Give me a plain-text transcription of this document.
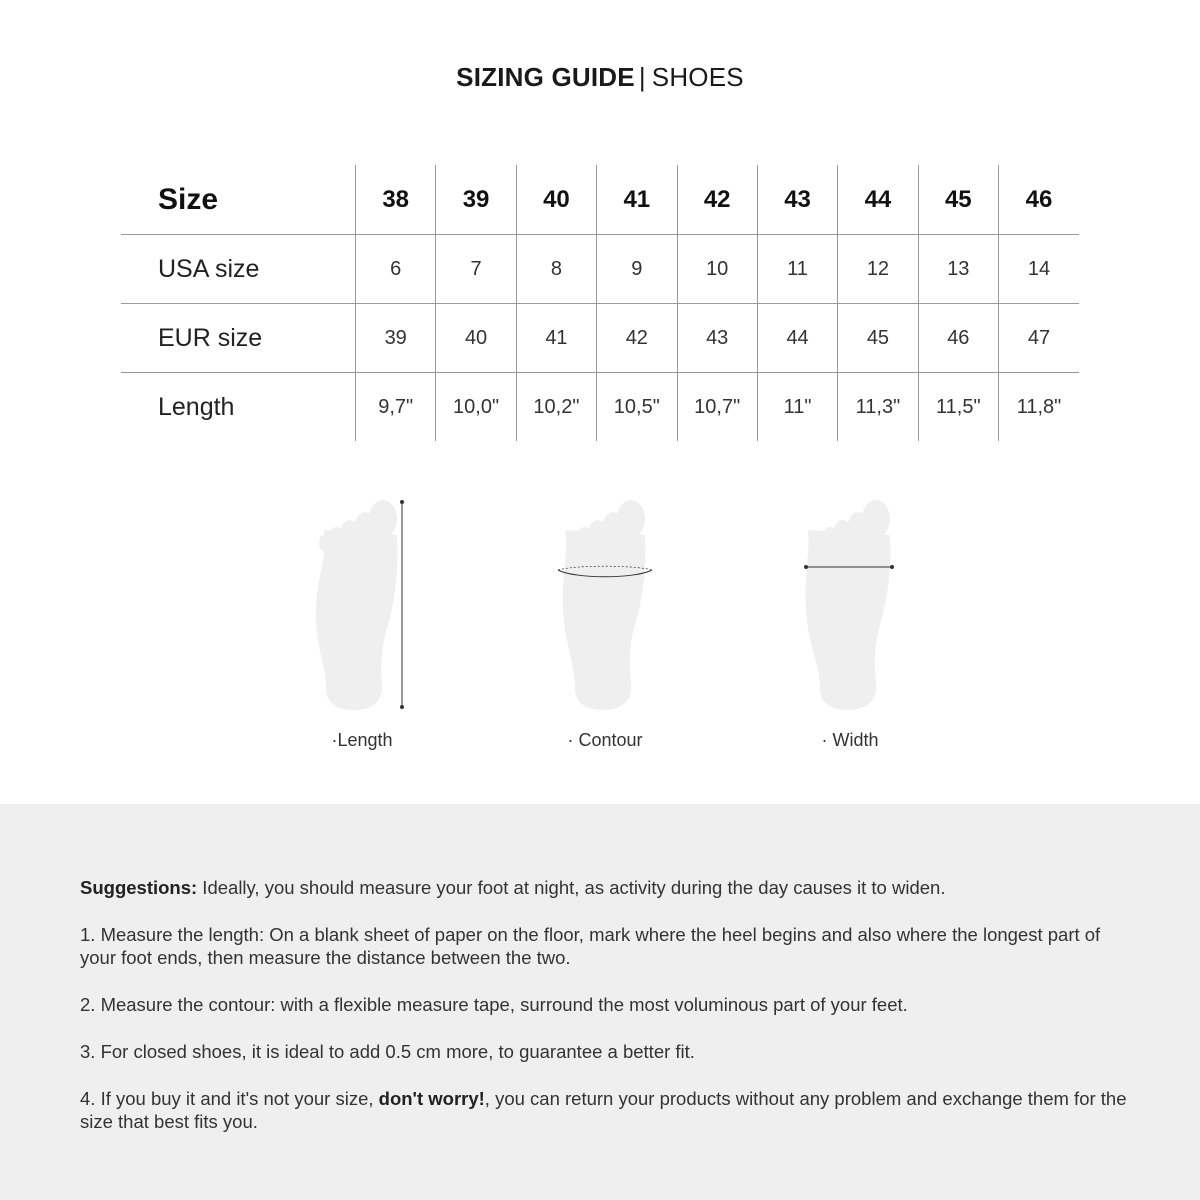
SIZING GUIDE | SHOES
Size	38	39	40	41	42	43	44	45	46
USA size	6	7	8	9	10	11	12	13	14
EUR size	39	40	41	42	43	44	45	46	47
Length	9,7"	10,0"	10,2"	10,5"	10,7"	11"	11,3"	11,5"	11,8"
·Length	· Contour	· Width

Suggestions: Ideally, you should measure your foot at night, as activity during the day causes it to widen.

1. Measure the length: On a blank sheet of paper on the floor, mark where the heel begins and also where the longest part of your foot ends, then measure the distance between the two.

2. Measure the contour: with a flexible measure tape, surround the most voluminous part of your feet.

3. For closed shoes, it is ideal to add 0.5 cm more, to guarantee a better fit.

4. If you buy it and it's not your size, don't worry!, you can return your products without any problem and exchange them for the size that best fits you.
